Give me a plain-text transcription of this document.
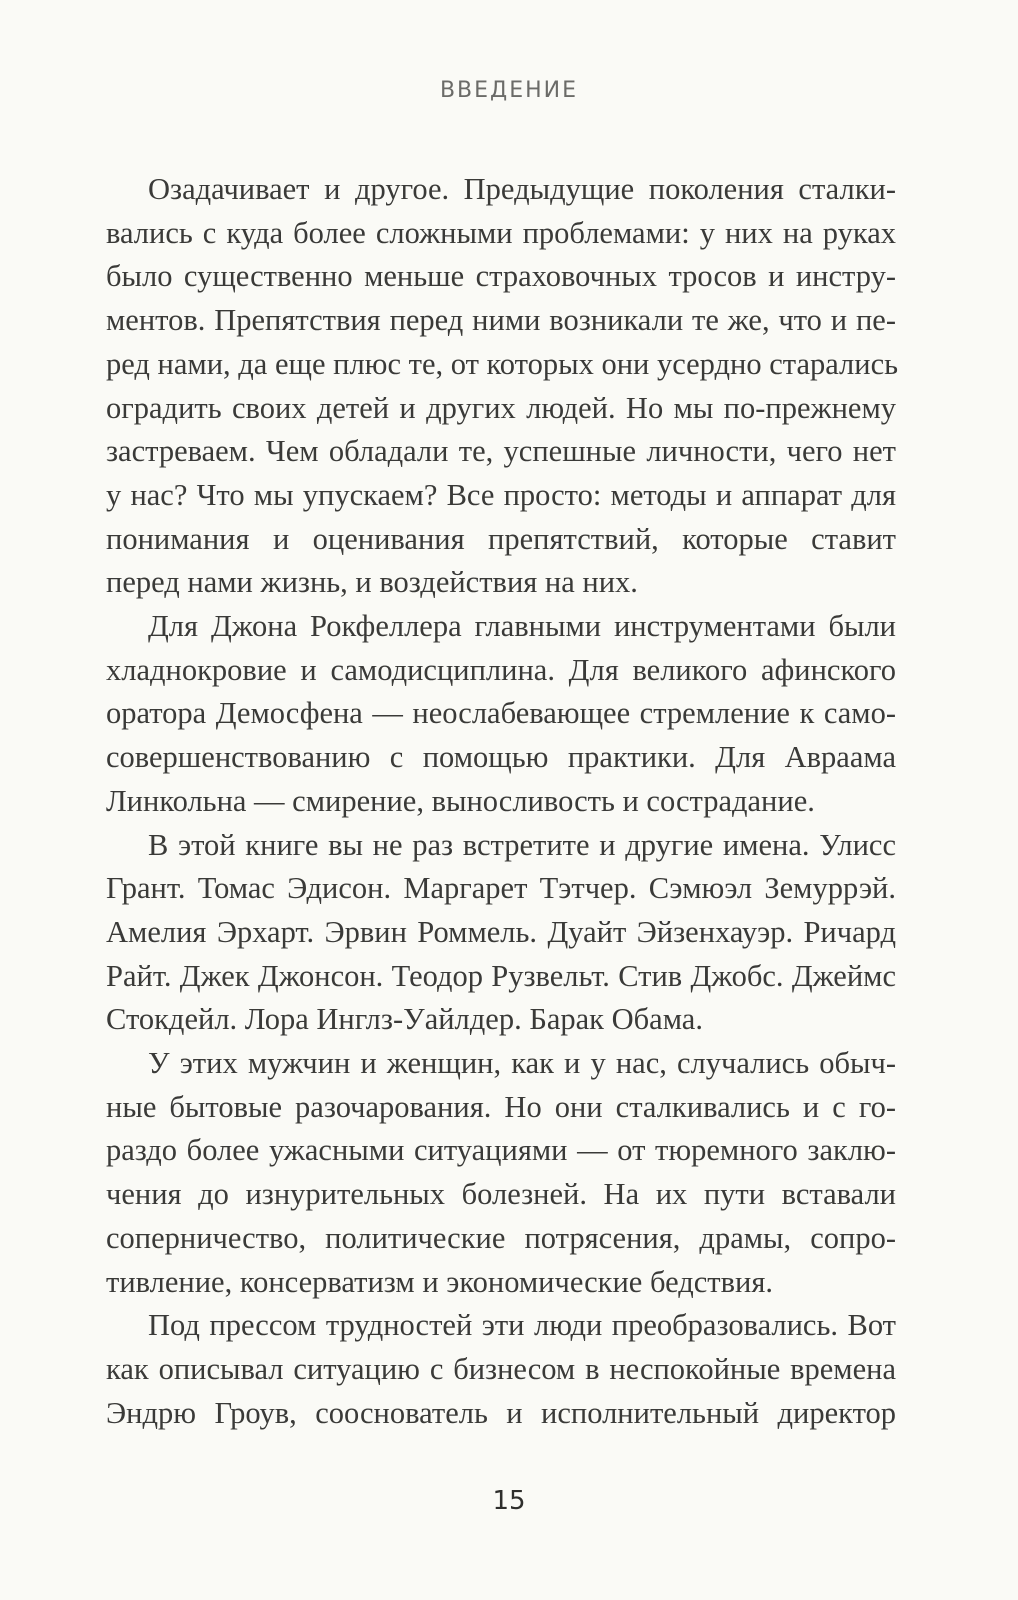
ВВЕДЕНИЕ
Озадачивает и другое. Предыдущие поколения сталки-
вались с куда более сложными проблемами: у них на руках
было существенно меньше страховочных тросов и инстру-
ментов. Препятствия перед ними возникали те же, что и пе-
ред нами, да еще плюс те, от которых они усердно старались
оградить своих детей и других людей. Но мы по-прежнему
застреваем. Чем обладали те, успешные личности, чего нет
у нас? Что мы упускаем? Все просто: методы и аппарат для
понимания и оценивания препятствий, которые ставит
перед нами жизнь, и воздействия на них.
Для Джона Рокфеллера главными инструментами были
хладнокровие и самодисциплина. Для великого афинского
оратора Демосфена — неослабевающее стремление к само-
совершенствованию с помощью практики. Для Авраама
Линкольна — смирение, выносливость и сострадание.
В этой книге вы не раз встретите и другие имена. Улисс
Грант. Томас Эдисон. Маргарет Тэтчер. Сэмюэл Земуррэй.
Амелия Эрхарт. Эрвин Роммель. Дуайт Эйзенхауэр. Ричард
Райт. Джек Джонсон. Теодор Рузвельт. Стив Джобс. Джеймс
Стокдейл. Лора Инглз-Уайлдер. Барак Обама.
У этих мужчин и женщин, как и у нас, случались обыч-
ные бытовые разочарования. Но они сталкивались и с го-
раздо более ужасными ситуациями — от тюремного заклю-
чения до изнурительных болезней. На их пути вставали
соперничество, политические потрясения, драмы, сопро-
тивление, консерватизм и экономические бедствия.
Под прессом трудностей эти люди преобразовались. Вот
как описывал ситуацию с бизнесом в неспокойные времена
Эндрю Гроув, сооснователь и исполнительный директор
15
